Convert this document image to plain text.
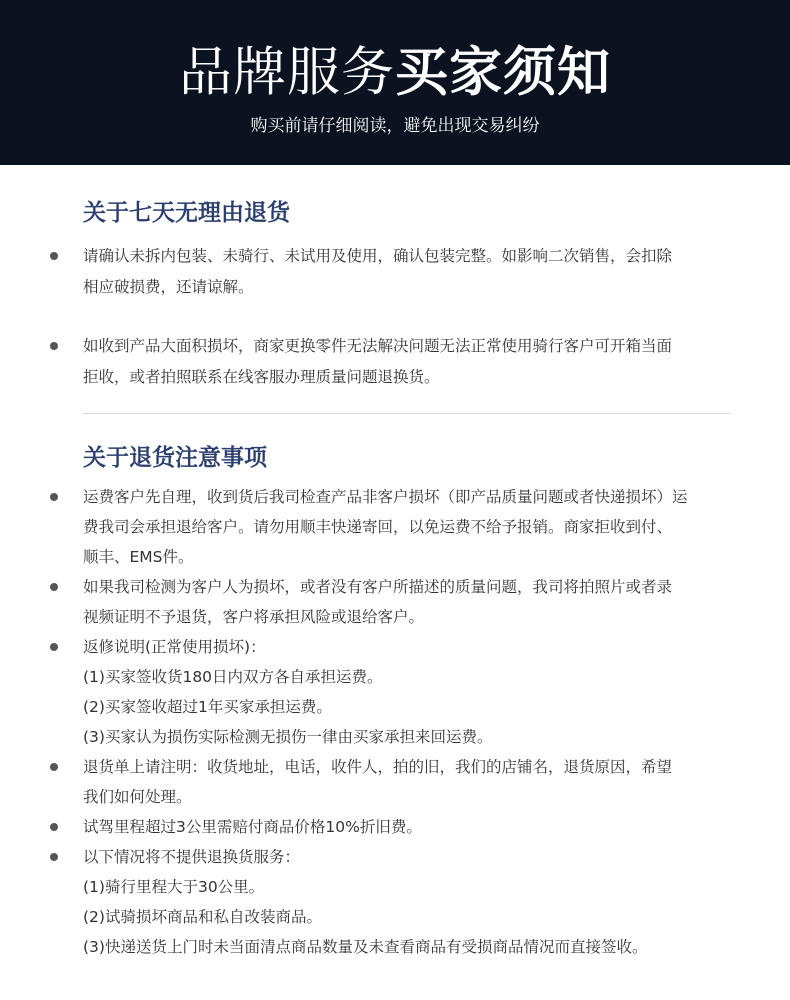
品牌服务买家须知
购买前请仔细阅读，避免出现交易纠纷
关于七天无理由退货
请确认未拆内包装、未骑行、未试用及使用，确认包装完整。如影响二次销售，会扣除
相应破损费，还请谅解。
如收到产品大面积损坏，商家更换零件无法解决问题无法正常使用骑行客户可开箱当面
拒收，或者拍照联系在线客服办理质量问题退换货。
关于退货注意事项
运费客户先自理，收到货后我司检查产品非客户损坏（即产品质量问题或者快递损坏）运
费我司会承担退给客户。请勿用顺丰快递寄回，以免运费不给予报销。商家拒收到付、
顺丰、EMS件。
如果我司检测为客户人为损坏，或者没有客户所描述的质量问题，我司将拍照片或者录
视频证明不予退货，客户将承担风险或退给客户。
返修说明(正常使用损坏)：
(1)买家签收货180日内双方各自承担运费。
(2)买家签收超过1年买家承担运费。
(3)买家认为损伤实际检测无损伤一律由买家承担来回运费。
退货单上请注明：收货地址，电话，收件人，拍的旧，我们的店铺名，退货原因，希望
我们如何处理。
试驾里程超过3公里需赔付商品价格10%折旧费。
以下情况将不提供退换货服务：
(1)骑行里程大于30公里。
(2)试骑损坏商品和私自改装商品。
(3)快递送货上门时未当面清点商品数量及未查看商品有受损商品情况而直接签收。
